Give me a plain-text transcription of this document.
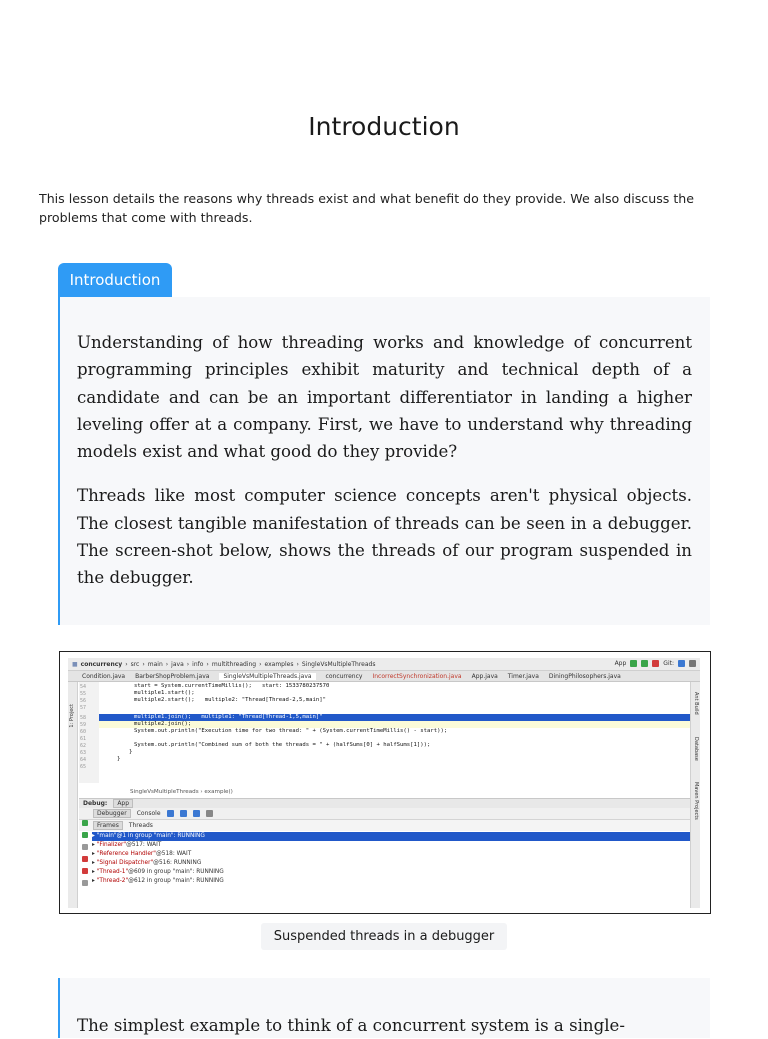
Introduction

This lesson details the reasons why threads exist and what benefit do they provide. We also discuss the problems that come with threads.

Introduction

Understanding of how threading works and knowledge of concurrent programming principles exhibit maturity and technical depth of a candidate and can be an important differentiator in landing a higher leveling offer at a company. First, we have to understand why threading models exist and what good do they provide?

Threads like most computer science concepts aren't physical objects. The closest tangible manifestation of threads can be seen in a debugger. The screen-shot below, shows the threads of our program suspended in the debugger.

■ concurrency › src › main › java › info › multithreading › examples › SingleVsMultipleThreads	App	Git:
Condition.java BarberShopProblem.java	SingleVsMultipleThreads.java	concurrency IncorrectSynchronization.java App.java Timer.java DiningPhilosophers.java
1: Project
Ant Build
Database
Maven Projects
54	start = System.currentTimeMillis();   start: 1533780237570
55	multiple1.start();
56	multiple2.start();   multiple2: "Thread[Thread-2,5,main]"
57
58	multiple1.join();   multiple1: "Thread[Thread-1,5,main]"
59	multiple2.join();
60	System.out.println("Execution time for two thread: " + (System.currentTimeMillis() - start));
61
62	System.out.println("Combined sum of both the threads = " + (halfSums[0] + halfSums[1]));
63	}
64	}
65
SingleVsMultipleThreads › example()
Debug:	App
Debugger	Console
Frames	Threads
▸ "main"@1 in group "main": RUNNING
▸ "Finalizer"@517: WAIT
▸ "Reference Handler"@518: WAIT
▸ "Signal Dispatcher"@516: RUNNING
▸ "Thread-1"@609 in group "main": RUNNING
▸ "Thread-2"@612 in group "main": RUNNING
Suspended threads in a debugger

The simplest example to think of a concurrent system is a single-
